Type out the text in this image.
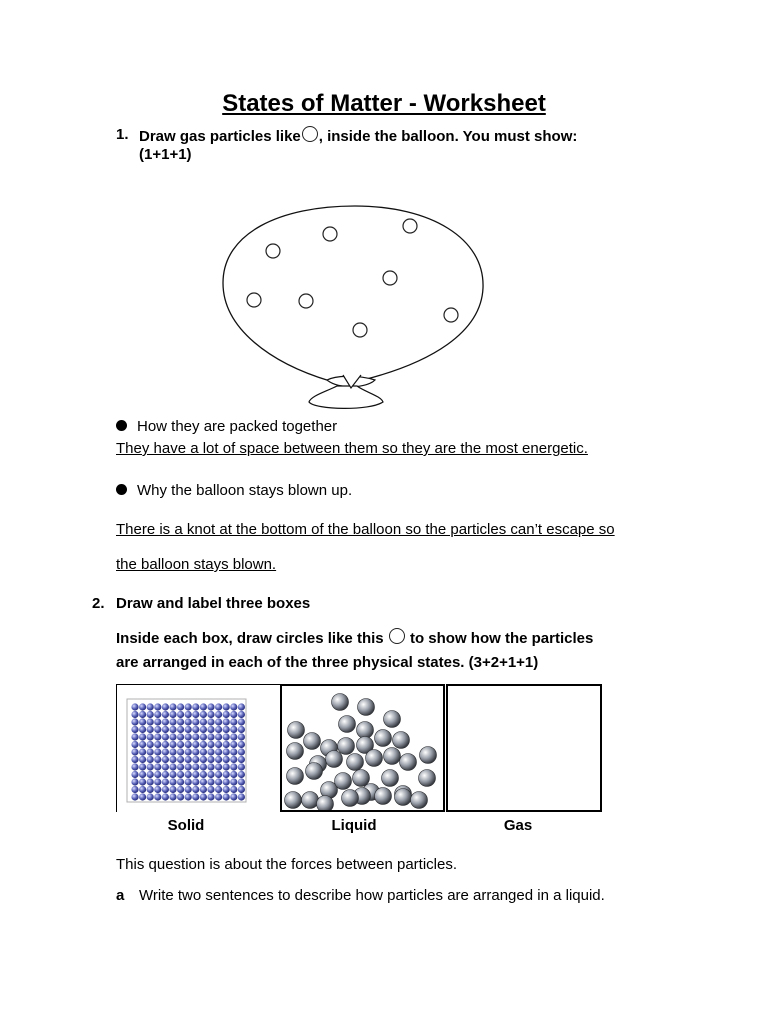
States of Matter - Worksheet
1. Draw gas particles like , inside the balloon. You must show:
(1+1+1)
How they are packed together
They have a lot of space between them so they are the most energetic.
Why the balloon stays blown up.
There is a knot at the bottom of the balloon so the particles can’t escape so
the balloon stays blown.
2. Draw and label three boxes
Inside each box, draw circles like this to show how the particles
are arranged in each of the three physical states. (3+2+1+1)
Solid	Liquid	Gas
This question is about the forces between particles.
a Write two sentences to describe how particles are arranged in a liquid.
